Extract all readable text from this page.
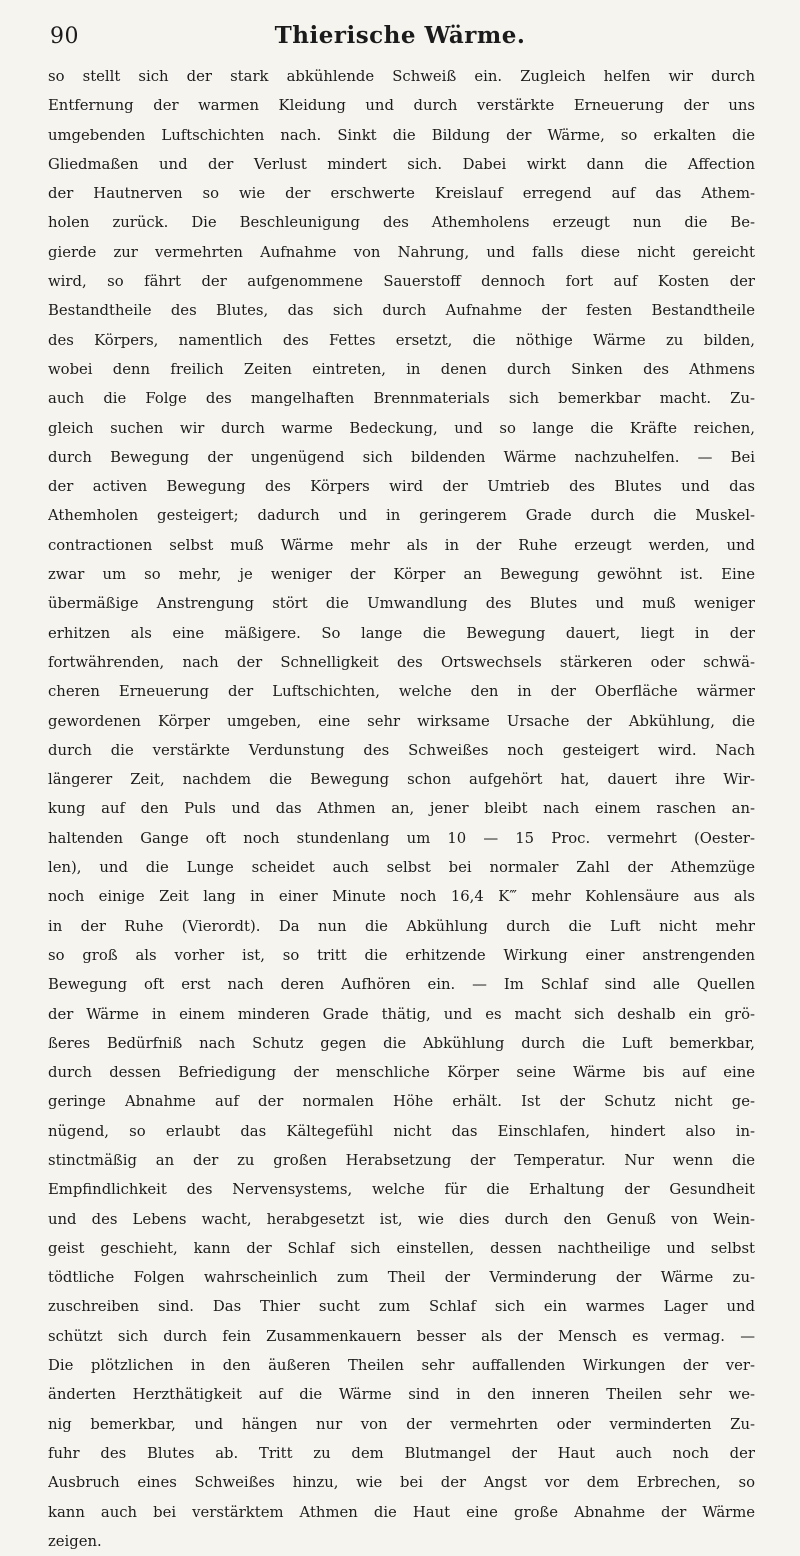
90	Thierische Wärme.
so stellt sich der stark abkühlende Schweiß ein. Zugleich helfen wir durch
Entfernung der warmen Kleidung und durch verstärkte Erneuerung der uns
umgebenden Luftschichten nach. Sinkt die Bildung der Wärme, so erkalten die
Gliedmaßen und der Verlust mindert sich. Dabei wirkt dann die Affection
der Hautnerven so wie der erschwerte Kreislauf erregend auf das Athem-
holen zurück. Die Beschleunigung des Athemholens erzeugt nun die Be-
gierde zur vermehrten Aufnahme von Nahrung, und falls diese nicht gereicht
wird, so fährt der aufgenommene Sauerstoff dennoch fort auf Kosten der
Bestandtheile des Blutes, das sich durch Aufnahme der festen Bestandtheile
des Körpers, namentlich des Fettes ersetzt, die nöthige Wärme zu bilden,
wobei denn freilich Zeiten eintreten, in denen durch Sinken des Athmens
auch die Folge des mangelhaften Brennmaterials sich bemerkbar macht. Zu-
gleich suchen wir durch warme Bedeckung, und so lange die Kräfte reichen,
durch Bewegung der ungenügend sich bildenden Wärme nachzuhelfen. — Bei
der activen Bewegung des Körpers wird der Umtrieb des Blutes und das
Athemholen gesteigert; dadurch und in geringerem Grade durch die Muskel-
contractionen selbst muß Wärme mehr als in der Ruhe erzeugt werden, und
zwar um so mehr, je weniger der Körper an Bewegung gewöhnt ist. Eine
übermäßige Anstrengung stört die Umwandlung des Blutes und muß weniger
erhitzen als eine mäßigere. So lange die Bewegung dauert, liegt in der
fortwährenden, nach der Schnelligkeit des Ortswechsels stärkeren oder schwä-
cheren Erneuerung der Luftschichten, welche den in der Oberfläche wärmer
gewordenen Körper umgeben, eine sehr wirksame Ursache der Abkühlung, die
durch die verstärkte Verdunstung des Schweißes noch gesteigert wird. Nach
längerer Zeit, nachdem die Bewegung schon aufgehört hat, dauert ihre Wir-
kung auf den Puls und das Athmen an, jener bleibt nach einem raschen an-
haltenden Gange oft noch stundenlang um 10 — 15 Proc. vermehrt (Oester-
len), und die Lunge scheidet auch selbst bei normaler Zahl der Athemzüge
noch einige Zeit lang in einer Minute noch 16,4 K‴ mehr Kohlensäure aus als
in der Ruhe (Vierordt). Da nun die Abkühlung durch die Luft nicht mehr
so groß als vorher ist, so tritt die erhitzende Wirkung einer anstrengenden
Bewegung oft erst nach deren Aufhören ein. — Im Schlaf sind alle Quellen
der Wärme in einem minderen Grade thätig, und es macht sich deshalb ein grö-
ßeres Bedürfniß nach Schutz gegen die Abkühlung durch die Luft bemerkbar,
durch dessen Befriedigung der menschliche Körper seine Wärme bis auf eine
geringe Abnahme auf der normalen Höhe erhält. Ist der Schutz nicht ge-
nügend, so erlaubt das Kältegefühl nicht das Einschlafen, hindert also in-
stinctmäßig an der zu großen Herabsetzung der Temperatur. Nur wenn die
Empfindlichkeit des Nervensystems, welche für die Erhaltung der Gesundheit
und des Lebens wacht, herabgesetzt ist, wie dies durch den Genuß von Wein-
geist geschieht, kann der Schlaf sich einstellen, dessen nachtheilige und selbst
tödtliche Folgen wahrscheinlich zum Theil der Verminderung der Wärme zu-
zuschreiben sind. Das Thier sucht zum Schlaf sich ein warmes Lager und
schützt sich durch fein Zusammenkauern besser als der Mensch es vermag. —
Die plötzlichen in den äußeren Theilen sehr auffallenden Wirkungen der ver-
änderten Herzthätigkeit auf die Wärme sind in den inneren Theilen sehr we-
nig bemerkbar, und hängen nur von der vermehrten oder verminderten Zu-
fuhr des Blutes ab. Tritt zu dem Blutmangel der Haut auch noch der
Ausbruch eines Schweißes hinzu, wie bei der Angst vor dem Erbrechen, so
kann auch bei verstärktem Athmen die Haut eine große Abnahme der Wärme
zeigen.
